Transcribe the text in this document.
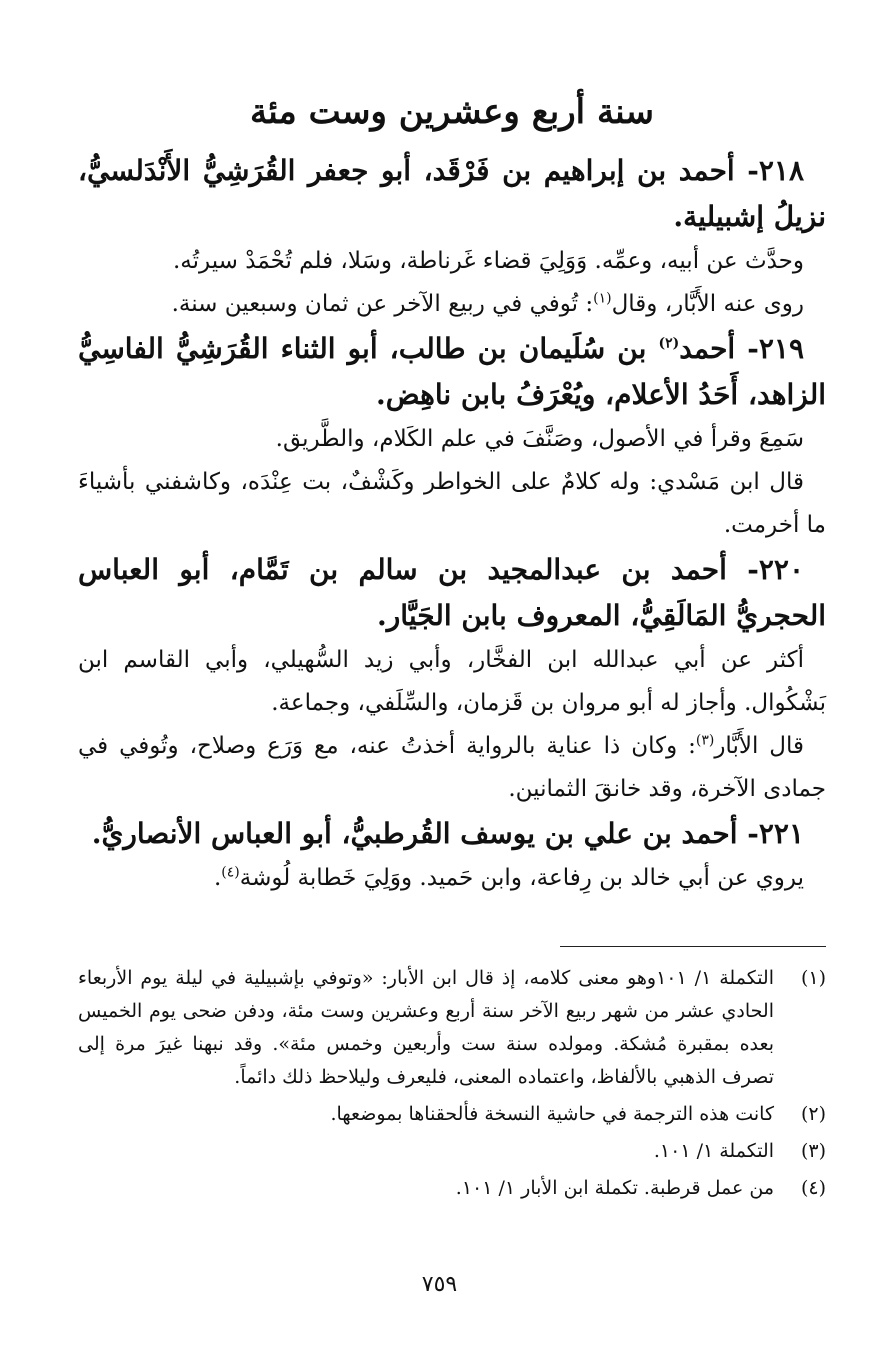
سنة أربع وعشرين وست مئة

٢١٨- أحمد بن إبراهيم بن فَرْقَد، أبو جعفر القُرَشِيُّ الأَنْدَلسيُّ، نزيلُ إشبيلية.

وحدَّث عن أبيه، وعمِّه. وَوَلِيَ قضاء غَرناطة، وسَلا، فلم تُحْمَدْ سيرتُه.

روى عنه الأَبَّار، وقال$^{(١)}$: تُوفي في ربيع الآخر عن ثمان وسبعين سنة.

٢١٩- أحمد$^{(٢)}$ بن سُلَيمان بن طالب، أبو الثناء القُرَشِيُّ الفاسِيُّ الزاهد، أَحَدُ الأعلام، ويُعْرَفُ بابن ناهِض.

سَمِعَ وقرأ في الأصول، وصَنَّفَ في علم الكَلام، والطَّريق.

قال ابن مَسْدي: وله كلامٌ على الخواطر وكَشْفٌ، بت عِنْدَه، وكاشفني بأشياءَ ما أخرمت.

٢٢٠- أحمد بن عبدالمجيد بن سالم بن تَمَّام، أبو العباس الحجريُّ المَالَقِيُّ، المعروف بابن الجَيَّار.

أكثر عن أبي عبدالله ابن الفخَّار، وأبي زيد السُّهيلي، وأبي القاسم ابن بَشْكُوال. وأجاز له أبو مروان بن قَزمان، والسِّلَفي، وجماعة.

قال الأَبَّار$^{(٣)}$: وكان ذا عناية بالرواية أخذتُ عنه، مع وَرَع وصلاح، وتُوفي في جمادى الآخرة، وقد خانقَ الثمانين.

٢٢١- أحمد بن علي بن يوسف القُرطبيُّ، أبو العباس الأنصاريُّ.

يروي عن أبي خالد بن رِفاعة، وابن حَميد. ووَلِيَ خَطابة لُوشة$^{(٤)}$.

(١)
التكملة ١/ ١٠١وهو معنى كلامه، إذ قال ابن الأبار: «وتوفي بإشبيلية في ليلة يوم الأربعاء الحادي عشر من شهر ربيع الآخر سنة أربع وعشرين وست مئة، ودفن ضحى يوم الخميس بعده بمقبرة مُشكة. ومولده سنة ست وأربعين وخمس مئة». وقد نبهنا غيرَ مرة إلى تصرف الذهبي بالألفاظ، واعتماده المعنى، فليعرف وليلاحظ ذلك دائماً.
(٢)
كانت هذه الترجمة في حاشية النسخة فألحقناها بموضعها.
(٣)
التكملة ١/ ١٠١.
(٤)
من عمل قرطبة. تكملة ابن الأبار ١/ ١٠١.
٧٥٩
